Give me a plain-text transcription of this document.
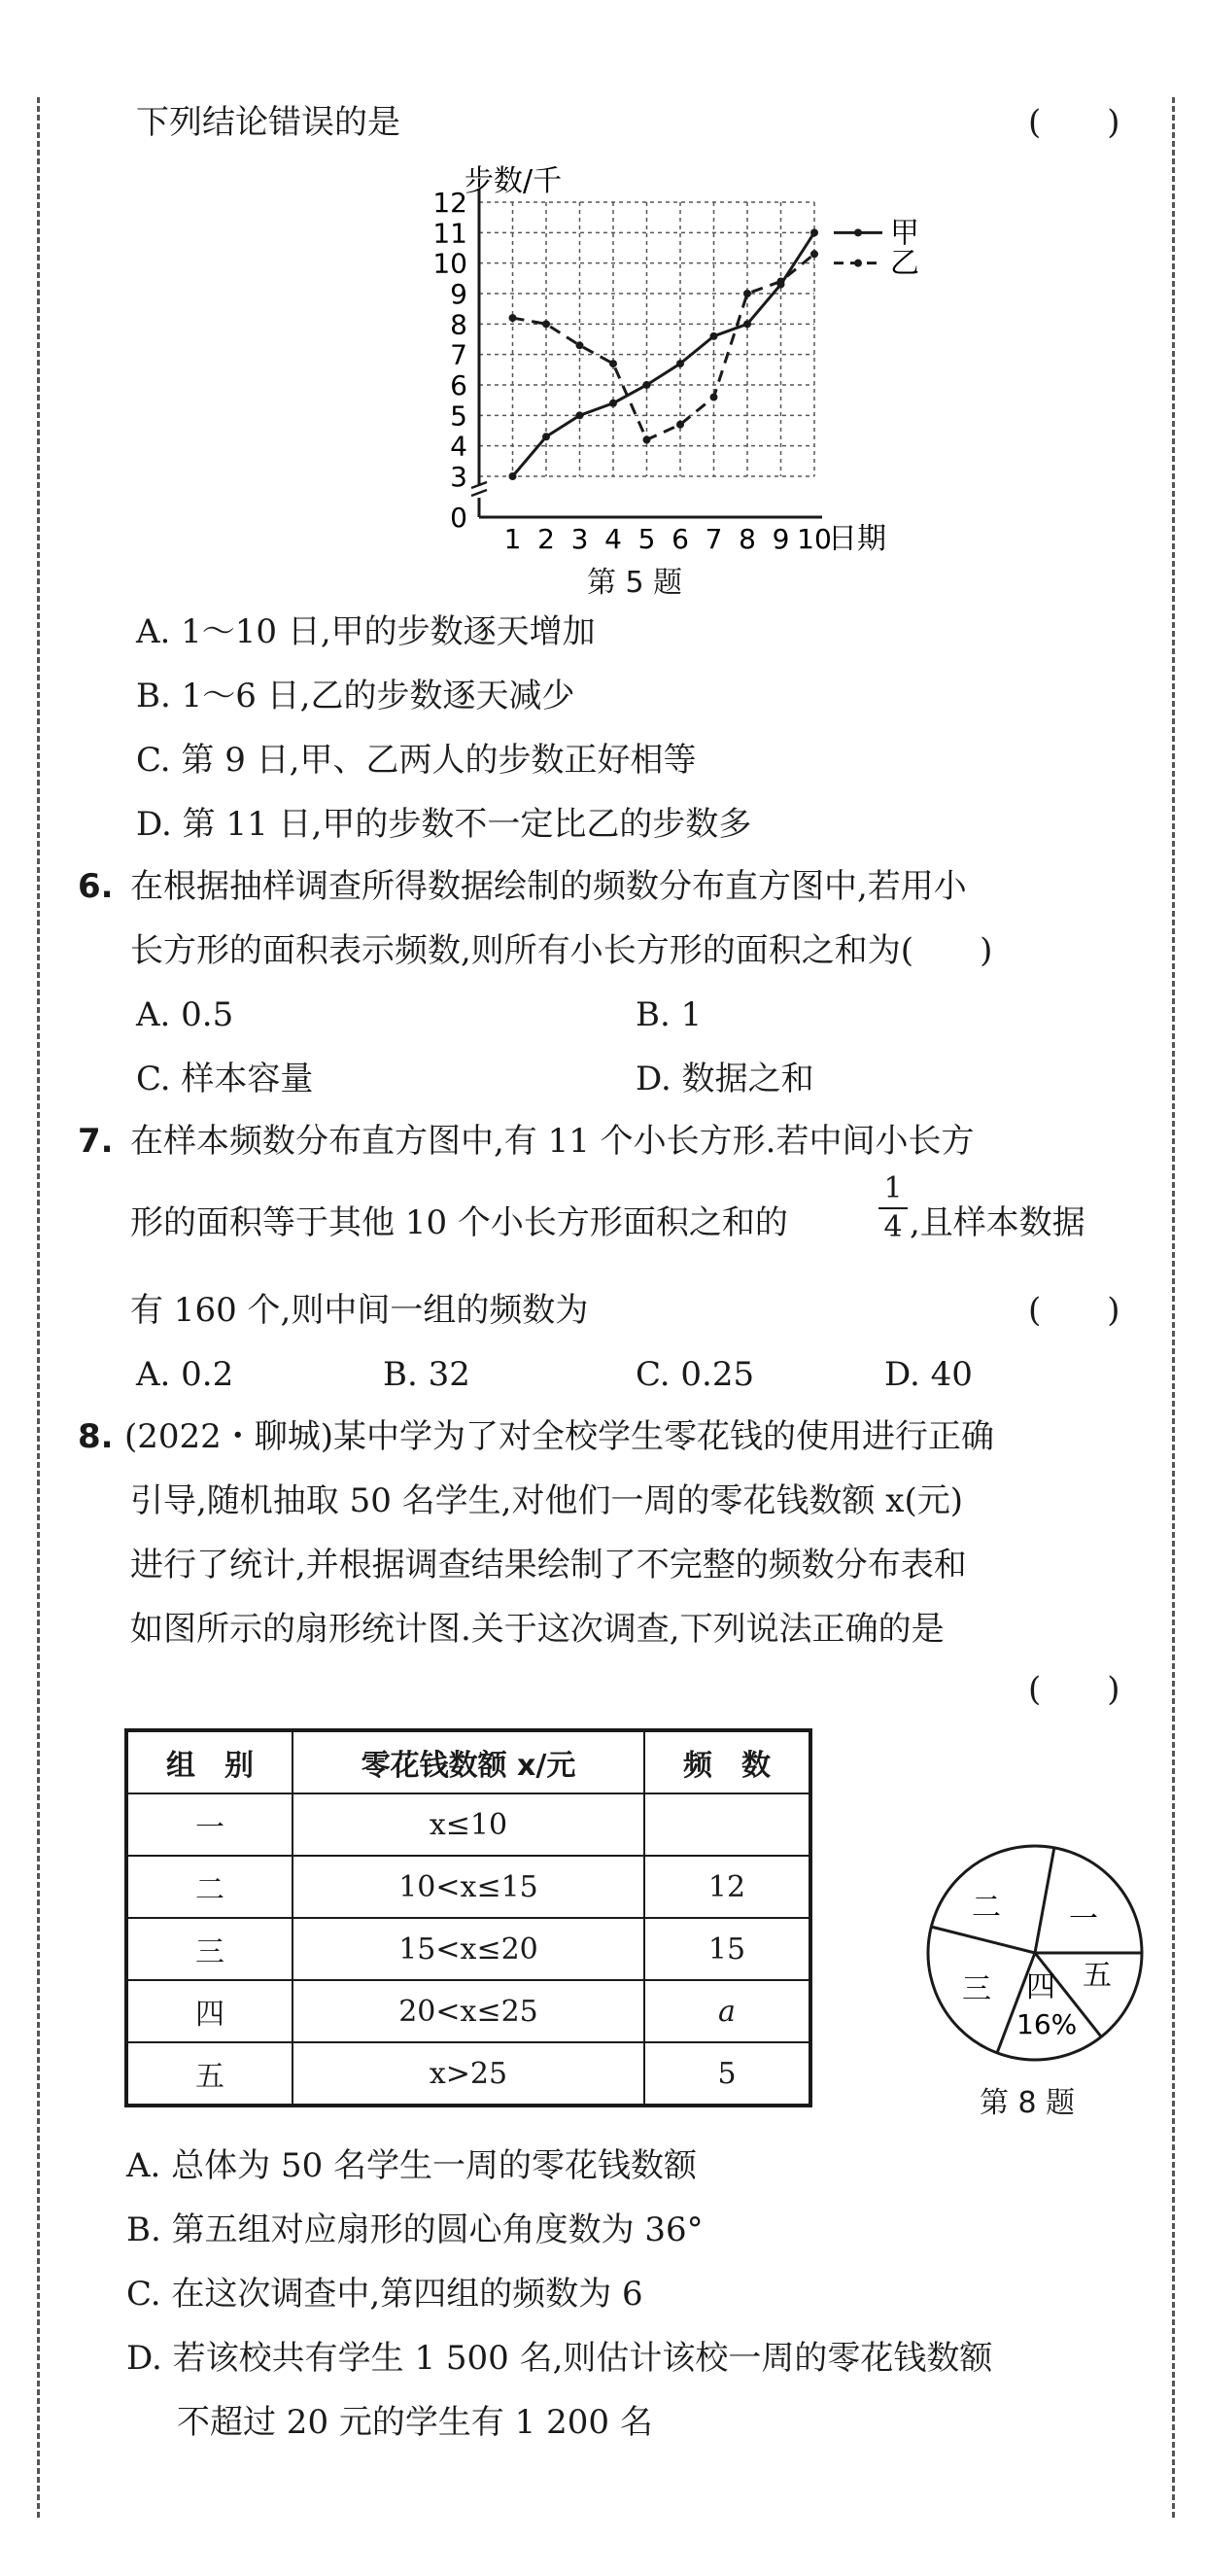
下列结论错误的是	(　　)
0
3
4
5
6
7
8
9
10
11
12
1 2 3 4 5 6 7 8 9 10
甲
乙
步数/千
日期
第 5 题
A. 1～10 日,甲的步数逐天增加
B. 1～6 日,乙的步数逐天减少
C. 第 9 日,甲、乙两人的步数正好相等
D. 第 11 日,甲的步数不一定比乙的步数多
6. 在根据抽样调查所得数据绘制的频数分布直方图中,若用小
长方形的面积表示频数,则所有小长方形的面积之和为(　　)
A. 0.5	B. 1
C. 样本容量	D. 数据之和
7. 在样本频数分布直方图中,有 11 个小长方形.若中间小长方
形的面积等于其他 10 个小长方形面积之和的
1
4 ,且样本数据
有 160 个,则中间一组的频数为	(　　)
A. 0.2	B. 32	C. 0.25	D. 40
8. (2022・聊城)某中学为了对全校学生零花钱的使用进行正确
引导,随机抽取 50 名学生,对他们一周的零花钱数额 x(元)
进行了统计,并根据调查结果绘制了不完整的频数分布表和
如图所示的扇形统计图.关于这次调查,下列说法正确的是
(　　)
组　别	零花钱数额 x/元	频　数
一	x≤10	
二	10<x≤15	12
三	15<x≤20	15
四	20<x≤25	a
五	x>25	5
二 一
五
三 四
16%
第 8 题
A. 总体为 50 名学生一周的零花钱数额
B. 第五组对应扇形的圆心角度数为 36°
C. 在这次调查中,第四组的频数为 6
D. 若该校共有学生 1 500 名,则估计该校一周的零花钱数额
不超过 20 元的学生有 1 200 名
